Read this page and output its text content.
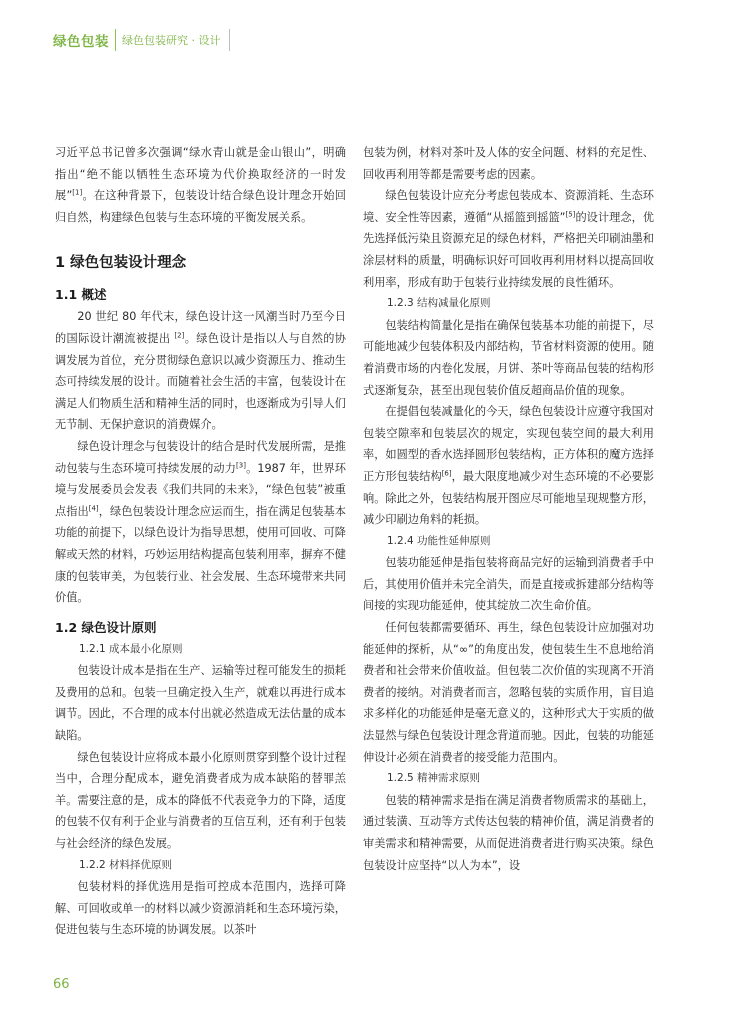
绿色包装 绿色包装研究 · 设计

习近平总书记曾多次强调“绿水青山就是金山银山”，明确指出“绝不能以牺牲生态环境为代价换取经济的一时发展”[1]。在这种背景下，包装设计结合绿色设计理念开始回归自然，构建绿色包装与生态环境的平衡发展关系。

1 绿色包装设计理念
1.1 概述

20 世纪 80 年代末，绿色设计这一风潮当时乃至今日的国际设计潮流被提出 [2]。绿色设计是指以人与自然的协调发展为首位，充分贯彻绿色意识以减少资源压力、推动生态可持续发展的设计。而随着社会生活的丰富，包装设计在满足人们物质生活和精神生活的同时，也逐渐成为引导人们无节制、无保护意识的消费媒介。

绿色设计理念与包装设计的结合是时代发展所需，是推动包装与生态环境可持续发展的动力[3]。1987 年，世界环境与发展委员会发表《我们共同的未来》，“绿色包装”被重点指出[4]，绿色包装设计理念应运而生，指在满足包装基本功能的前提下，以绿色设计为指导思想，使用可回收、可降解或天然的材料，巧妙运用结构提高包装利用率，摒弃不健康的包装审美，为包装行业、社会发展、生态环境带来共同价值。

1.2 绿色设计原则
1.2.1 成本最小化原则

包装设计成本是指在生产、运输等过程可能发生的损耗及费用的总和。包装一旦确定投入生产，就难以再进行成本调节。因此，不合理的成本付出就必然造成无法估量的成本缺陷。

绿色包装设计应将成本最小化原则贯穿到整个设计过程当中，合理分配成本，避免消费者成为成本缺陷的替罪羔羊。需要注意的是，成本的降低不代表竞争力的下降，适度的包装不仅有利于企业与消费者的互信互利，还有利于包装与社会经济的绿色发展。

1.2.2 材料择优原则

包装材料的择优选用是指可控成本范围内，选择可降解、可回收或单一的材料以减少资源消耗和生态环境污染，促进包装与生态环境的协调发展。以茶叶

包装为例，材料对茶叶及人体的安全问题、材料的充足性、回收再利用等都是需要考虑的因素。

绿色包装设计应充分考虑包装成本、资源消耗、生态环境、安全性等因素，遵循“从摇篮到摇篮”[5]的设计理念，优先选择低污染且资源充足的绿色材料，严格把关印刷油墨和涂层材料的质量，明确标识好可回收再利用材料以提高回收利用率，形成有助于包装行业持续发展的良性循环。

1.2.3 结构减量化原则

包装结构简量化是指在确保包装基本功能的前提下，尽可能地减少包装体积及内部结构，节省材料资源的使用。随着消费市场的内卷化发展，月饼、茶叶等商品包装的结构形式逐渐复杂，甚至出现包装价值反超商品价值的现象。

在提倡包装减量化的今天，绿色包装设计应遵守我国对包装空隙率和包装层次的规定，实现包装空间的最大利用率，如圆型的香水选择圆形包装结构，正方体积的魔方选择正方形包装结构[6]，最大限度地减少对生态环境的不必要影响。除此之外，包装结构展开图应尽可能地呈现规整方形，减少印刷边角料的耗损。

1.2.4 功能性延伸原则

包装功能延伸是指包装将商品完好的运输到消费者手中后，其使用价值并未完全消失，而是直接或拆建部分结构等间接的实现功能延伸，使其绽放二次生命价值。

任何包装都需要循环、再生，绿色包装设计应加强对功能延伸的探析，从“∞”的角度出发，使包装生生不息地给消费者和社会带来价值收益。但包装二次价值的实现离不开消费者的接纳。对消费者而言，忽略包装的实质作用，盲目追求多样化的功能延伸是毫无意义的，这种形式大于实质的做法显然与绿色包装设计理念背道而驰。因此，包装的功能延伸设计必须在消费者的接受能力范围内。

1.2.5 精神需求原则

包装的精神需求是指在满足消费者物质需求的基础上，通过装潢、互动等方式传达包装的精神价值，满足消费者的审美需求和精神需要，从而促进消费者进行购买决策。绿色包装设计应坚持“以人为本”，设

66
